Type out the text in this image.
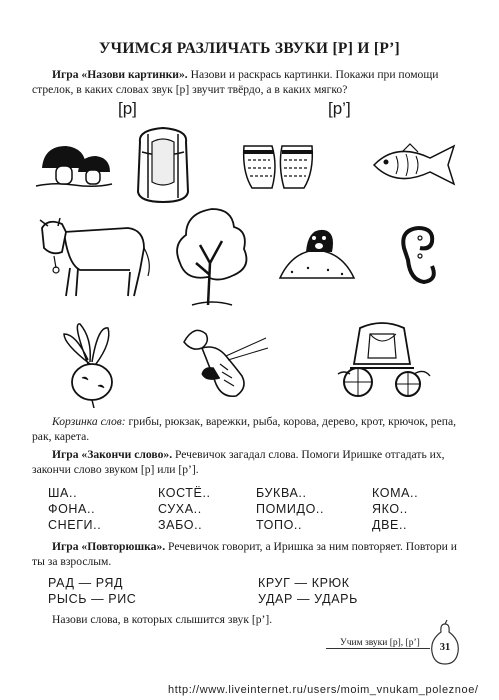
УЧИМСЯ РАЗЛИЧАТЬ ЗВУКИ [Р] И [Р’]
Игра «Назови картинки». Назови и раскрась картинки. Покажи при помощи стрелок, в каких словах звук [р] звучит твёрдо, а в каких мягко?
[р]	[р’]
Корзинка слов: грибы, рюкзак, варежки, рыба, корова, дерево, крот, крючок, репа, рак, карета.
Игра «Закончи слово». Речевичок загадал слова. Помоги Иришке отгадать их, закончи слово звуком [р] или [р’].
ША..	КОСТЁ..	БУКВА..	КОМА..
ФОНА..	СУХА..	ПОМИДО..	ЯКО..
СНЕГИ..	ЗАБО..	ТОПО..	ДВЕ..
Игра «Повторюшка». Речевичок говорит, а Иришка за ним повторяет. Повтори и ты за взрослым.
РАД — РЯД	КРУГ — КРЮК
РЫСЬ — РИС	УДАР — УДАРЬ
Назови слова, в которых слышится звук [р’].
Учим звуки [р], [р’]	31
http://www.liveinternet.ru/users/moim_vnukam_poleznoe/
